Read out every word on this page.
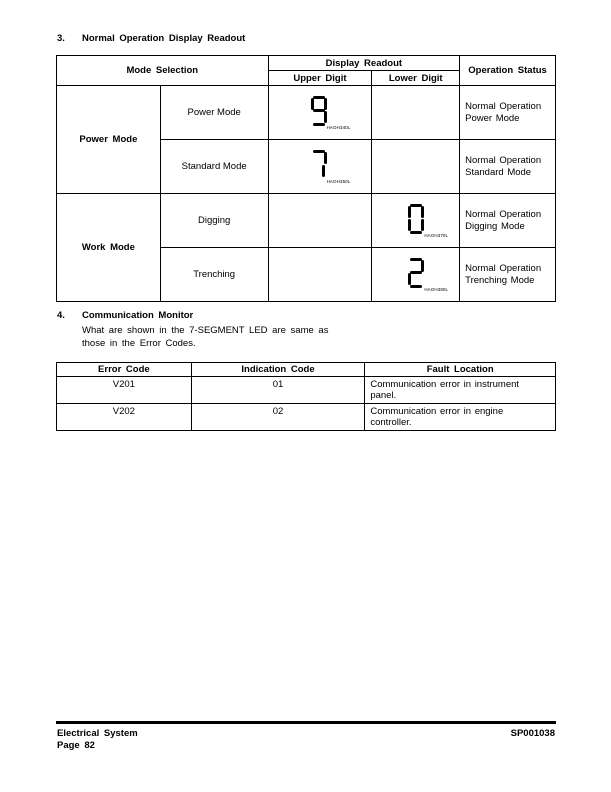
3. Normal Operation Display Readout
Mode Selection		Display Readout		Operation Status
		Upper Digit	Lower Digit	
Power Mode	Power Mode	HAOH340L		Normal Operation
Power Mode

	Standard Mode	HAOH350L		Normal Operation
Standard Mode

Work Mode	Digging		HAOH370L	Normal Operation
Digging Mode

	Trenching		HAOH380L	Normal Operation
Trenching Mode
4. Communication Monitor
What are shown in the 7-SEGMENT LED are same as
those in the Error Codes.
Error Code	Indication Code	Fault Location
V201	01	Communication error in instrument
panel.

V202	02	Communication error in engine
controller.
Electrical System
Page 82
SP001038
